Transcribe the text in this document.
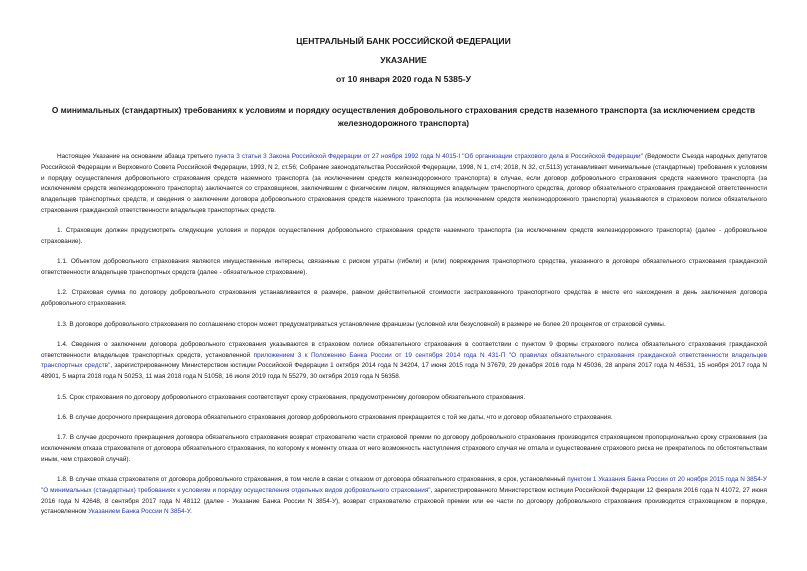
ЦЕНТРАЛЬНЫЙ БАНК РОССИЙСКОЙ ФЕДЕРАЦИИ
УКАЗАНИЕ
от 10 января 2020 года N 5385-У
О минимальных (стандартных) требованиях к условиям и порядку осуществления добровольного страхования средств наземного транспорта (за исключением средств железнодорожного транспорта)

Настоящее Указание на основании абзаца третьего пункта 3 статьи 3 Закона Российской Федерации от 27 ноября 1992 года N 4015-I "Об организации страхового дела в Российской Федерации" (Ведомости Съезда народных депутатов Российской Федерации и Верховного Совета Российской Федерации, 1993, N 2, ст.56; Собрание законодательства Российской Федерации, 1998, N 1, ст4; 2018, N 32, ст.5113) устанавливает минимальные (стандартные) требования к условиям и порядку осуществления добровольного страхования средств наземного транспорта (за исключением средств железнодорожного транспорта) в случае, если договор добровольного страхования средств наземного транспорта (за исключением средств железнодорожного транспорта) заключается со страховщиком, заключившим с физическим лицом, являющимся владельцем транспортного средства, договор обязательного страхования гражданской ответственности владельцев транспортных средств, и сведения о заключении договора добровольного страхования средств наземного транспорта (за исключением средств железнодорожного транспорта) указываются в страховом полисе обязательного страхования гражданской ответственности владельцев транспортных средств.

1. Страховщик должен предусмотреть следующие условия и порядок осуществления добровольного страхования средств наземного транспорта (за исключением средств железнодорожного транспорта) (далее - добровольное страхование).

1.1. Объектом добровольного страхования являются имущественные интересы, связанные с риском утраты (гибели) и (или) повреждения транспортного средства, указанного в договоре обязательного страхования гражданской ответственности владельцев транспортных средств (далее - обязательное страхование).

1.2. Страховая сумма по договору добровольного страхования устанавливается в размере, равном действительной стоимости застрахованного транспортного средства в месте его нахождения в день заключения договора добровольного страхования.

1.3. В договоре добровольного страхования по соглашению сторон может предусматриваться установление франшизы (условной или безусловной) в размере не более 20 процентов от страховой суммы.

1.4. Сведения о заключении договора добровольного страхования указываются в страховом полисе обязательного страхования в соответствии с пунктом 9 формы страхового полиса обязательного страхования гражданской ответственности владельцев транспортных средств, установленной приложением 3 к Положению Банка России от 19 сентября 2014 года N 431-П "О правилах обязательного страхования гражданской ответственности владельцев транспортных средств", зарегистрированному Министерством юстиции Российской Федерации 1 октября 2014 года N 34204, 17 июня 2015 года N 37679, 29 декабря 2016 года N 45036, 28 апреля 2017 года N 46531, 15 ноября 2017 года N 48901, 5 марта 2018 года N 50253, 11 мая 2018 года N 51058, 16 июля 2019 года N 55279, 30 октября 2019 года N 56358.

1.5. Срок страхования по договору добровольного страхования соответствует сроку страхования, предусмотренному договором обязательного страхования.

1.6. В случае досрочного прекращения договора обязательного страхования договор добровольного страхования прекращается с той же даты, что и договор обязательного страхования.

1.7. В случае досрочного прекращения договора обязательного страхования возврат страхователю части страховой премии по договору добровольного страхования производится страховщиком пропорционально сроку страхования (за исключением отказа страхователя от договора обязательного страхования, по которому к моменту отказа от него возможность наступления страхового случая не отпала и существование страхового риска не прекратилось по обстоятельствам иным, чем страховой случай).

1.8. В случае отказа страхователя от договора добровольного страхования, в том числе в связи с отказом от договора обязательного страхования, в срок, установленный пунктом 1 Указания Банка России от 20 ноября 2015 года N 3854-У "О минимальных (стандартных) требованиях к условиям и порядку осуществления отдельных видов добровольного страхования", зарегистрированного Министерством юстиции Российской Федерации 12 февраля 2016 года N 41072, 27 июня 2016 года N 42648, 8 сентября 2017 года N 48112 (далее - Указание Банка России N 3854-У), возврат страхователю страховой премии или ее части по договору добровольного страхования производится страховщиком в порядке, установленном Указанием Банка России N 3854-У.
